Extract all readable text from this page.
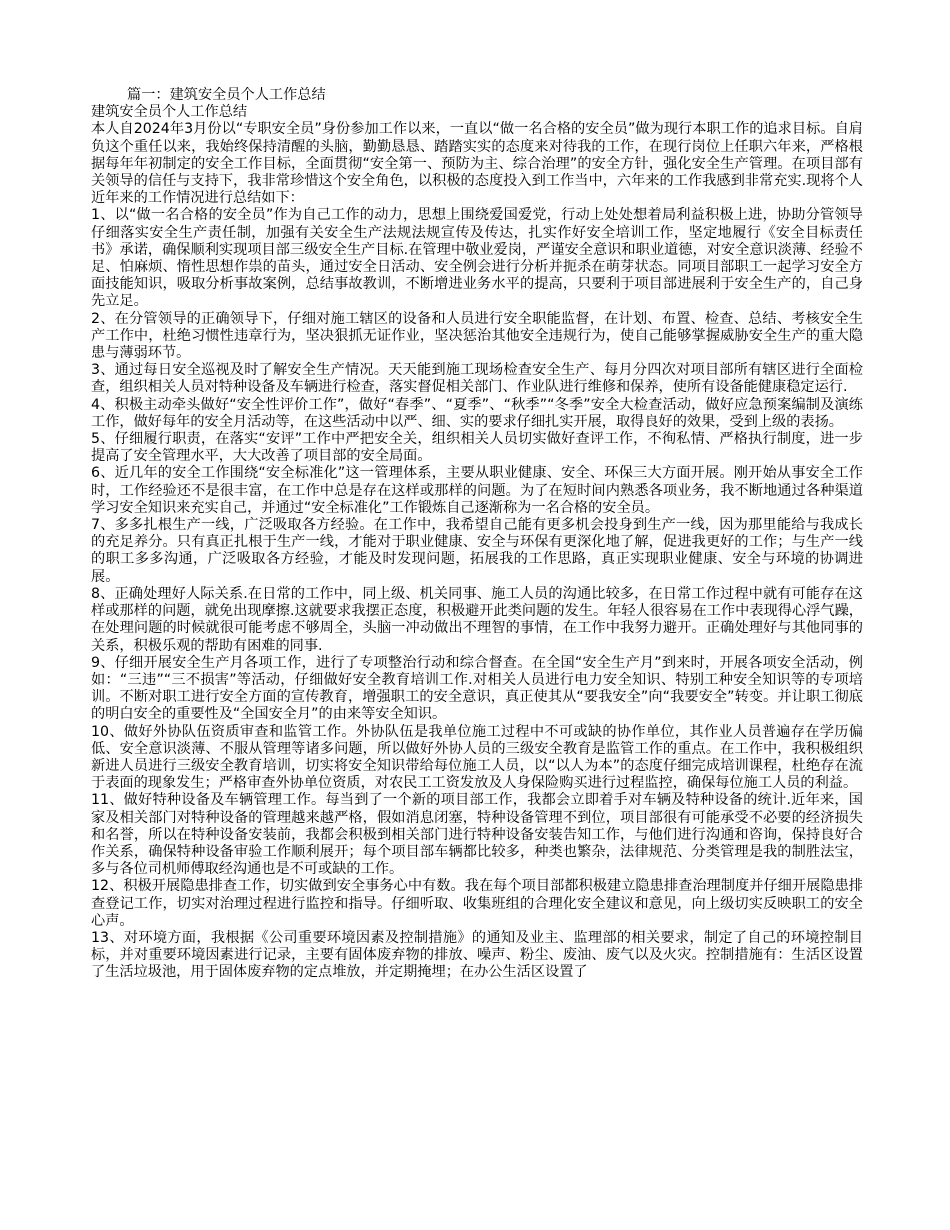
篇一：建筑安全员个人工作总结

建筑安全员个人工作总结

本人自2024年3月份以“专职安全员”身份参加工作以来，一直以“做一名合格的安全员”做为现行本职工作的追求目标。自肩负这个重任以来，我始终保持清醒的头脑，勤勤恳恳、踏踏实实的态度来对待我的工作，在现行岗位上任职六年来，严格根据每年年初制定的安全工作目标，全面贯彻“安全第一、预防为主、综合治理”的安全方针，强化安全生产管理。在项目部有关领导的信任与支持下，我非常珍惜这个安全角色，以积极的态度投入到工作当中，六年来的工作我感到非常充实.现将个人近年来的工作情况进行总结如下：

1、以“做一名合格的安全员”作为自己工作的动力，思想上围绕爱国爱党，行动上处处想着局利益积极上进，协助分管领导仔细落实安全生产责任制，加强有关安全生产法规法规宣传及传达，扎实作好安全培训工作，坚定地履行《安全目标责任书》承诺，确保顺利实现项目部三级安全生产目标.在管理中敬业爱岗，严谨安全意识和职业道德，对安全意识淡薄、经验不足、怕麻烦、惰性思想作祟的苗头，通过安全日活动、安全例会进行分析并扼杀在萌芽状态。同项目部职工一起学习安全方面技能知识，吸取分析事故案例，总结事故教训，不断增进业务水平的提高，只要利于项目部进展利于安全生产的，自己身先立足。

2、在分管领导的正确领导下，仔细对施工辖区的设备和人员进行安全职能监督，在计划、布置、检查、总结、考核安全生产工作中，杜绝习惯性违章行为，坚决狠抓无证作业，坚决惩治其他安全违规行为，使自己能够掌握威胁安全生产的重大隐患与薄弱环节。

3、通过每日安全巡视及时了解安全生产情况。天天能到施工现场检查安全生产、每月分四次对项目部所有辖区进行全面检查，组织相关人员对特种设备及车辆进行检查，落实督促相关部门、作业队进行维修和保养，使所有设备能健康稳定运行.

4、积极主动牵头做好“安全性评价工作”，做好“春季”、“夏季”、“秋季”“冬季”安全大检查活动，做好应急预案编制及演练工作，做好每年的安全月活动等，在这些活动中以严、细、实的要求仔细扎实开展，取得良好的效果，受到上级的表扬。

5、仔细履行职责，在落实“安评”工作中严把安全关，组织相关人员切实做好查评工作，不徇私情、严格执行制度，进一步提高了安全管理水平，大大改善了项目部的安全局面。

6、近几年的安全工作围绕“安全标准化”这一管理体系，主要从职业健康、安全、环保三大方面开展。刚开始从事安全工作时，工作经验还不是很丰富，在工作中总是存在这样或那样的问题。为了在短时间内熟悉各项业务，我不断地通过各种渠道学习安全知识来充实自己，并通过“安全标准化”工作锻炼自己逐渐称为一名合格的安全员。

7、多多扎根生产一线，广泛吸取各方经验。在工作中，我希望自己能有更多机会投身到生产一线，因为那里能给与我成长的充足养分。只有真正扎根于生产一线，才能对于职业健康、安全与环保有更深化地了解，促进我更好的工作；与生产一线的职工多多沟通，广泛吸取各方经验，才能及时发现问题，拓展我的工作思路，真正实现职业健康、安全与环境的协调进展。

8、正确处理好人际关系.在日常的工作中，同上级、机关同事、施工人员的沟通比较多，在日常工作过程中就有可能存在这样或那样的问题，就免出现摩擦.这就要求我摆正态度，积极避开此类问题的发生。年轻人很容易在工作中表现得心浮气躁，在处理问题的时候就很可能考虑不够周全，头脑一冲动做出不理智的事情，在工作中我努力避开。正确处理好与其他同事的关系，积极乐观的帮助有困难的同事.

9、仔细开展安全生产月各项工作，进行了专项整治行动和综合督查。在全国“安全生产月”到来时，开展各项安全活动，例如：“三违”“三不损害”等活动，仔细做好安全教育培训工作.对相关人员进行电力安全知识、特别工种安全知识等的专项培训。不断对职工进行安全方面的宣传教育，增强职工的安全意识，真正使其从“要我安全”向“我要安全”转变。并让职工彻底的明白安全的重要性及“全国安全月”的由来等安全知识。

10、做好外协队伍资质审查和监管工作。外协队伍是我单位施工过程中不可或缺的协作单位，其作业人员普遍存在学历偏低、安全意识淡薄、不服从管理等诸多问题，所以做好外协人员的三级安全教育是监管工作的重点。在工作中，我积极组织新进人员进行三级安全教育培训，切实将安全知识带给每位施工人员，以“以人为本”的态度仔细完成培训课程，杜绝存在流于表面的现象发生；严格审查外协单位资质，对农民工工资发放及人身保险购买进行过程监控，确保每位施工人员的利益。

11、做好特种设备及车辆管理工作。每当到了一个新的项目部工作，我都会立即着手对车辆及特种设备的统计.近年来，国家及相关部门对特种设备的管理越来越严格，假如消息闭塞，特种设备管理不到位，项目部很有可能承受不必要的经济损失和名誉，所以在特种设备安装前，我都会积极到相关部门进行特种设备安装告知工作，与他们进行沟通和咨询，保持良好合作关系，确保特种设备审验工作顺利展开；每个项目部车辆都比较多，种类也繁杂，法律规范、分类管理是我的制胜法宝，多与各位司机师傅取经沟通也是不可或缺的工作。

12、积极开展隐患排查工作，切实做到安全事务心中有数。我在每个项目部都积极建立隐患排查治理制度并仔细开展隐患排查登记工作，切实对治理过程进行监控和指导。仔细听取、收集班组的合理化安全建议和意见，向上级切实反映职工的安全心声。

13、对环境方面，我根据《公司重要环境因素及控制措施》的通知及业主、监理部的相关要求，制定了自己的环境控制目标，并对重要环境因素进行记录，主要有固体废弃物的排放、噪声、粉尘、废油、废气以及火灾。控制措施有：生活区设置了生活垃圾池，用于固体废弃物的定点堆放，并定期掩埋；在办公生活区设置了
